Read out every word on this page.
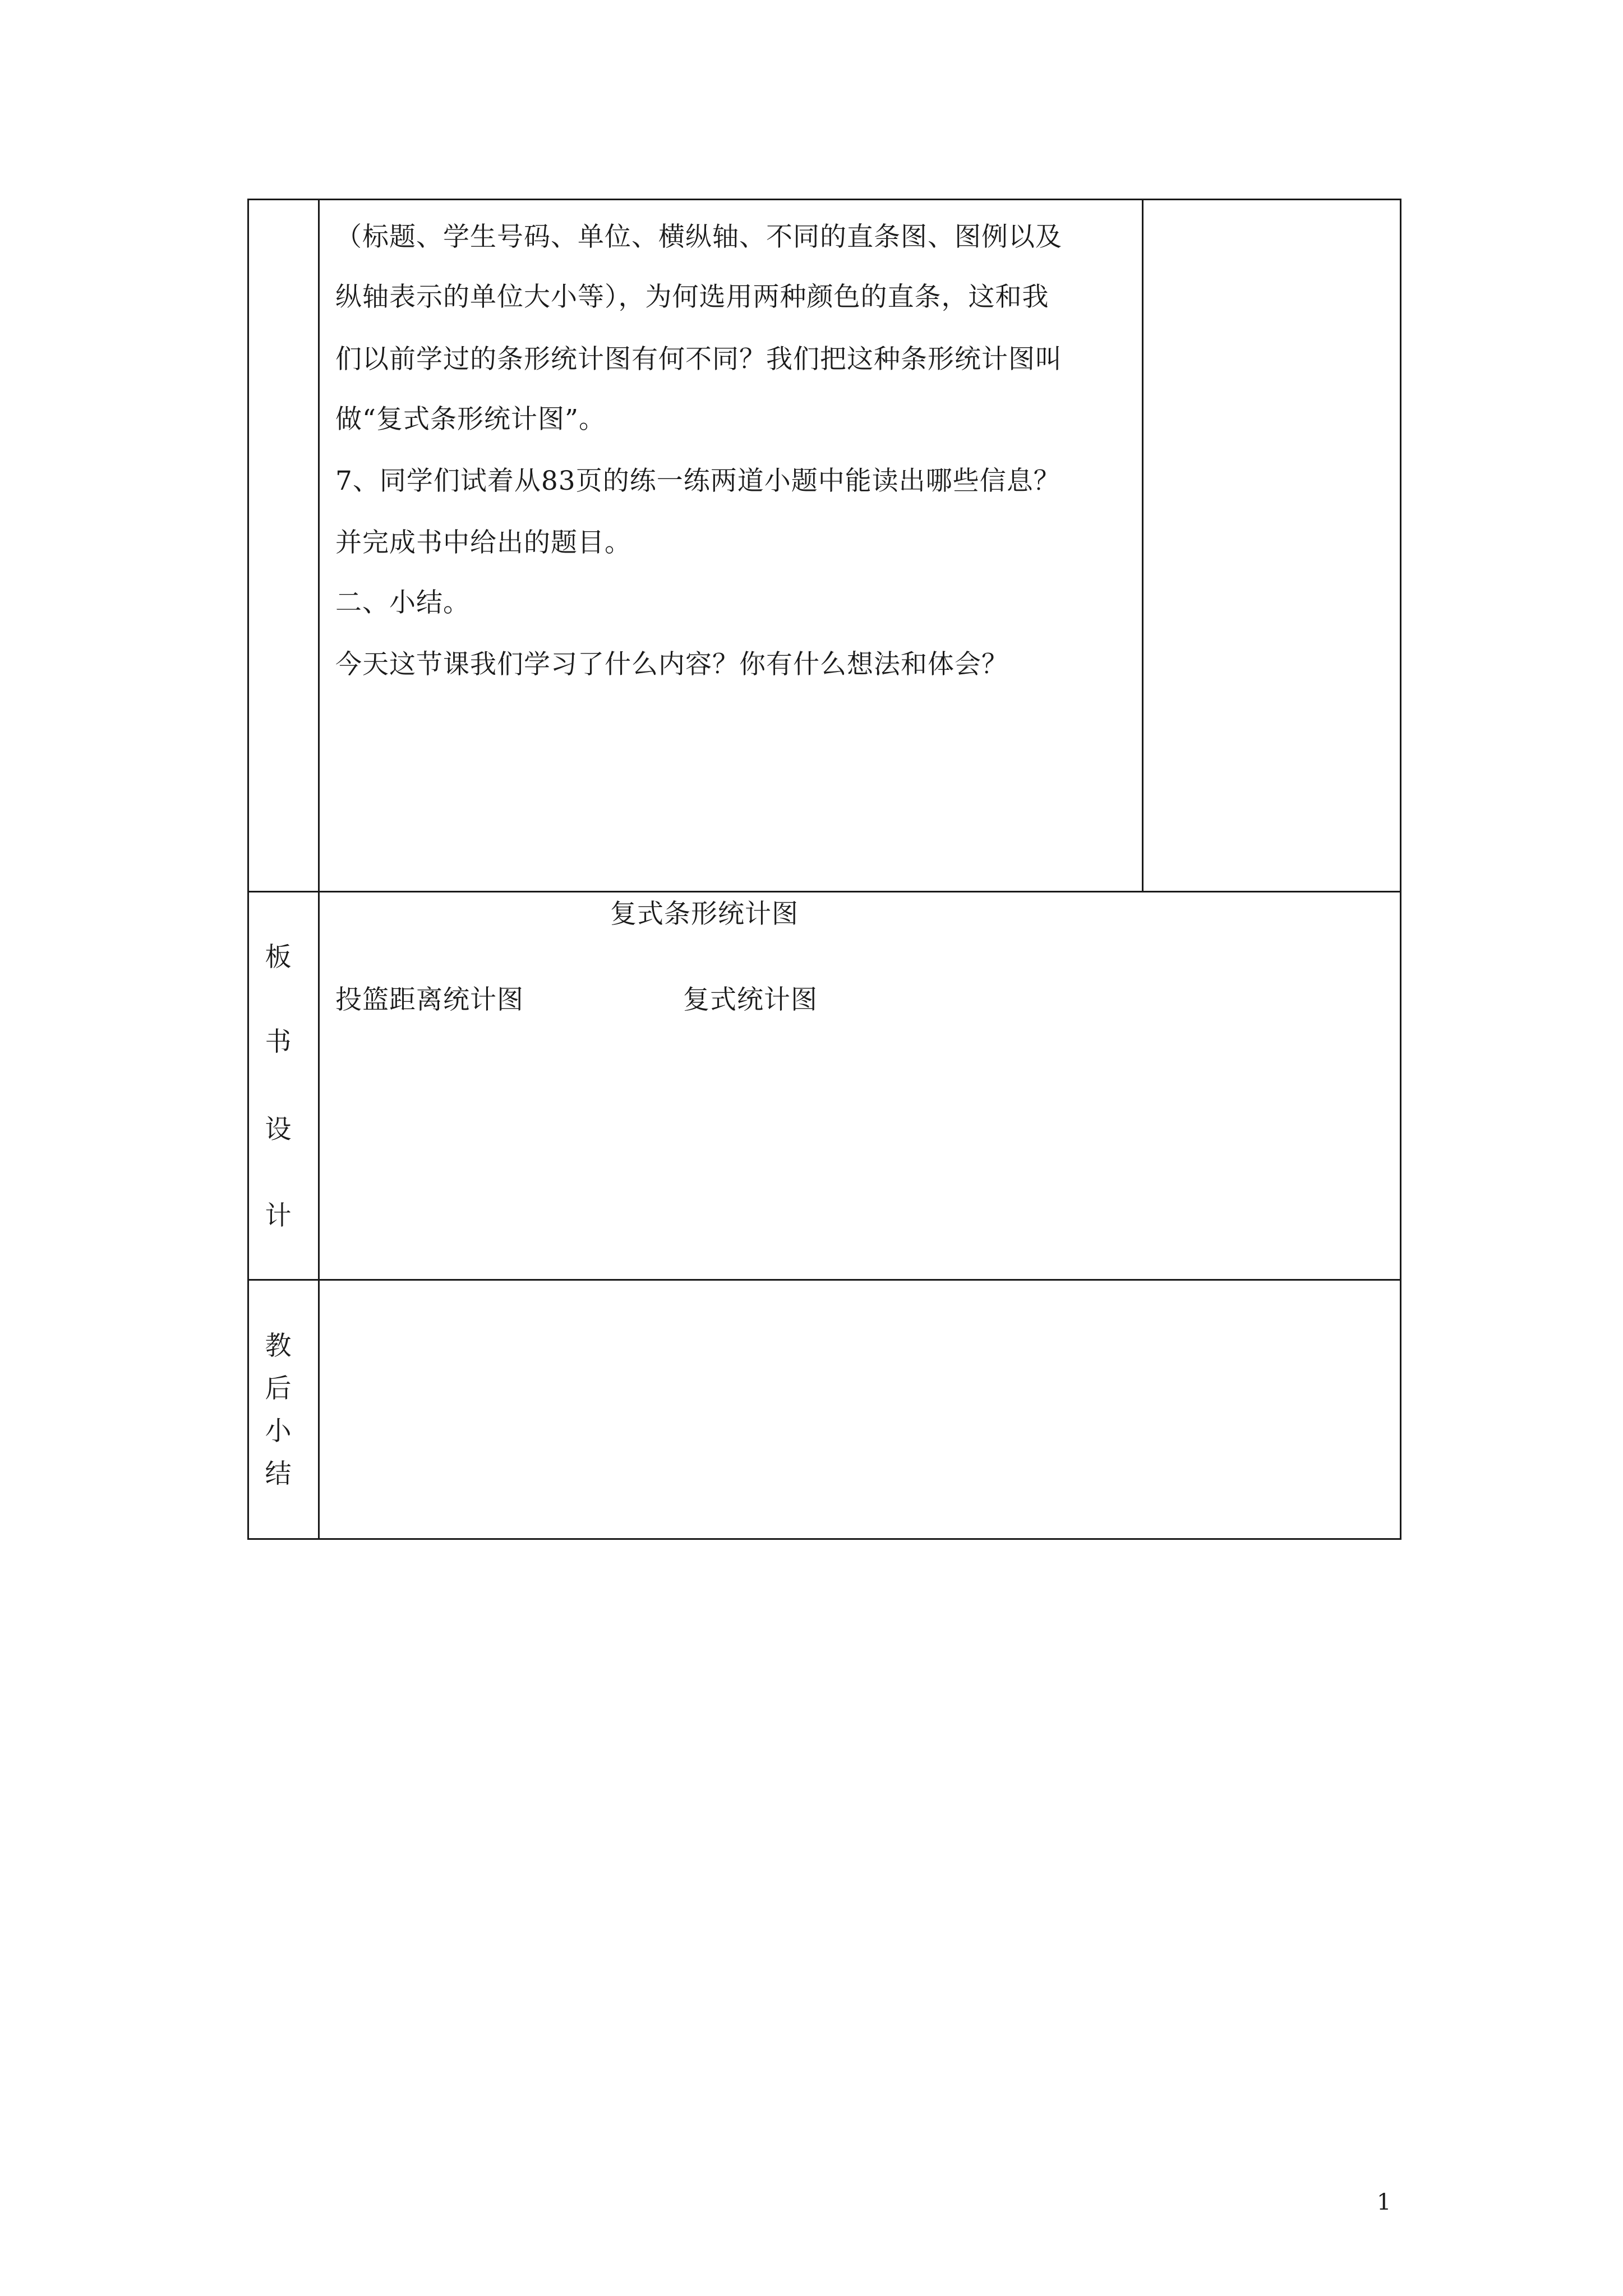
（标题、学生号码、单位、横纵轴、不同的直条图、图例以及
纵轴表示的单位大小等），为何选用两种颜色的直条，这和我
们以前学过的条形统计图有何不同？我们把这种条形统计图叫
做“复式条形统计图”。
7、同学们试着从83页的练一练两道小题中能读出哪些信息？
并完成书中给出的题目。
二、小结。
今天这节课我们学习了什么内容？你有什么想法和体会？
板
书
设
计
复式条形统计图
投篮距离统计图	复式统计图
教
后
小
结
1
